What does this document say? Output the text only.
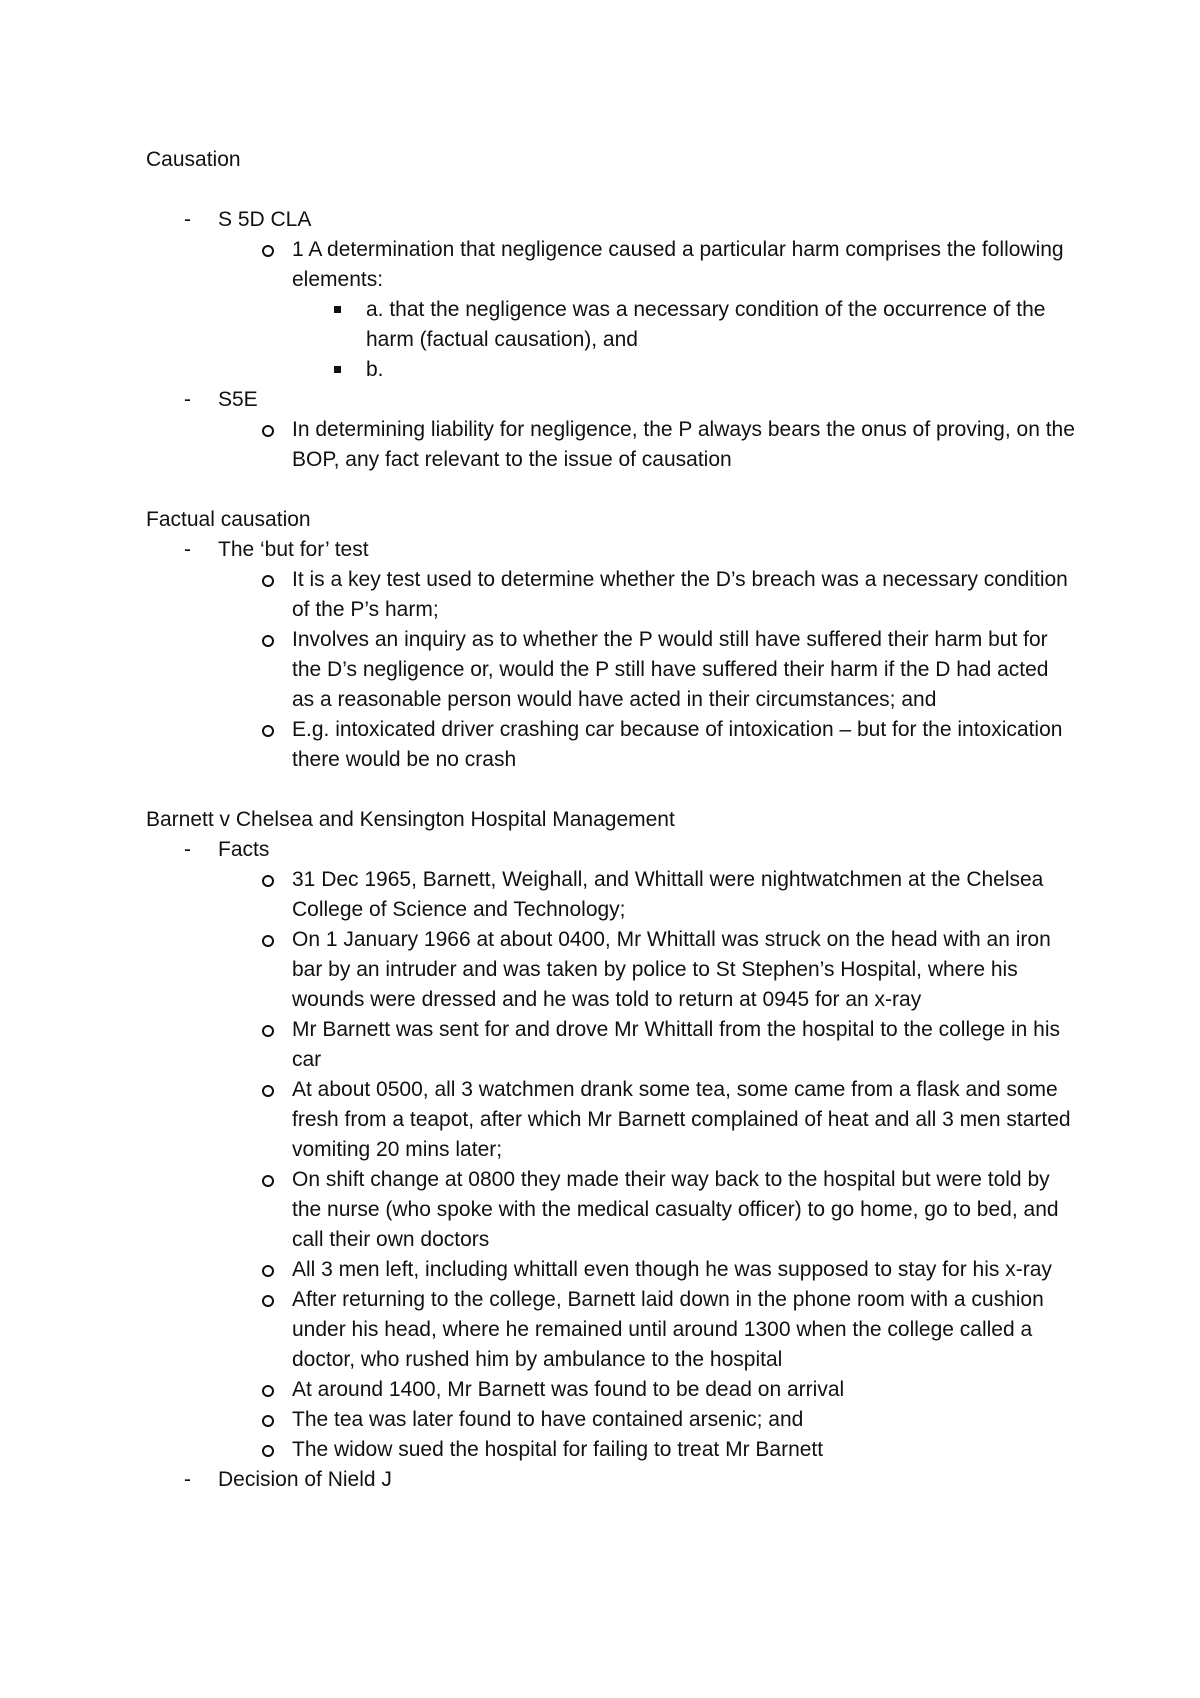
Causation

- S 5D CLA
1 A determination that negligence caused a particular harm comprises the following elements:
a. that the negligence was a necessary condition of the occurrence of the harm (factual causation), and
b.
- S5E
In determining liability for negligence, the P always bears the onus of proving, on the BOP, any fact relevant to the issue of causation

Factual causation

- The ‘but for’ test
It is a key test used to determine whether the D’s breach was a necessary condition of the P’s harm;
Involves an inquiry as to whether the P would still have suffered their harm but for the D’s negligence or, would the P still have suffered their harm if the D had acted as a reasonable person would have acted in their circumstances; and
E.g. intoxicated driver crashing car because of intoxication – but for the intoxication there would be no crash

Barnett v Chelsea and Kensington Hospital Management

- Facts
31 Dec 1965, Barnett, Weighall, and Whittall were nightwatchmen at the Chelsea College of Science and Technology;
On 1 January 1966 at about 0400, Mr Whittall was struck on the head with an iron bar by an intruder and was taken by police to St Stephen’s Hospital, where his wounds were dressed and he was told to return at 0945 for an x-ray
Mr Barnett was sent for and drove Mr Whittall from the hospital to the college in his car
At about 0500, all 3 watchmen drank some tea, some came from a flask and some fresh from a teapot, after which Mr Barnett complained of heat and all 3 men started vomiting 20 mins later;
On shift change at 0800 they made their way back to the hospital but were told by the nurse (who spoke with the medical casualty officer) to go home, go to bed, and call their own doctors
All 3 men left, including whittall even though he was supposed to stay for his x-ray
After returning to the college, Barnett laid down in the phone room with a cushion under his head, where he remained until around 1300 when the college called a doctor, who rushed him by ambulance to the hospital
At around 1400, Mr Barnett was found to be dead on arrival
The tea was later found to have contained arsenic; and
The widow sued the hospital for failing to treat Mr Barnett
- Decision of Nield J
